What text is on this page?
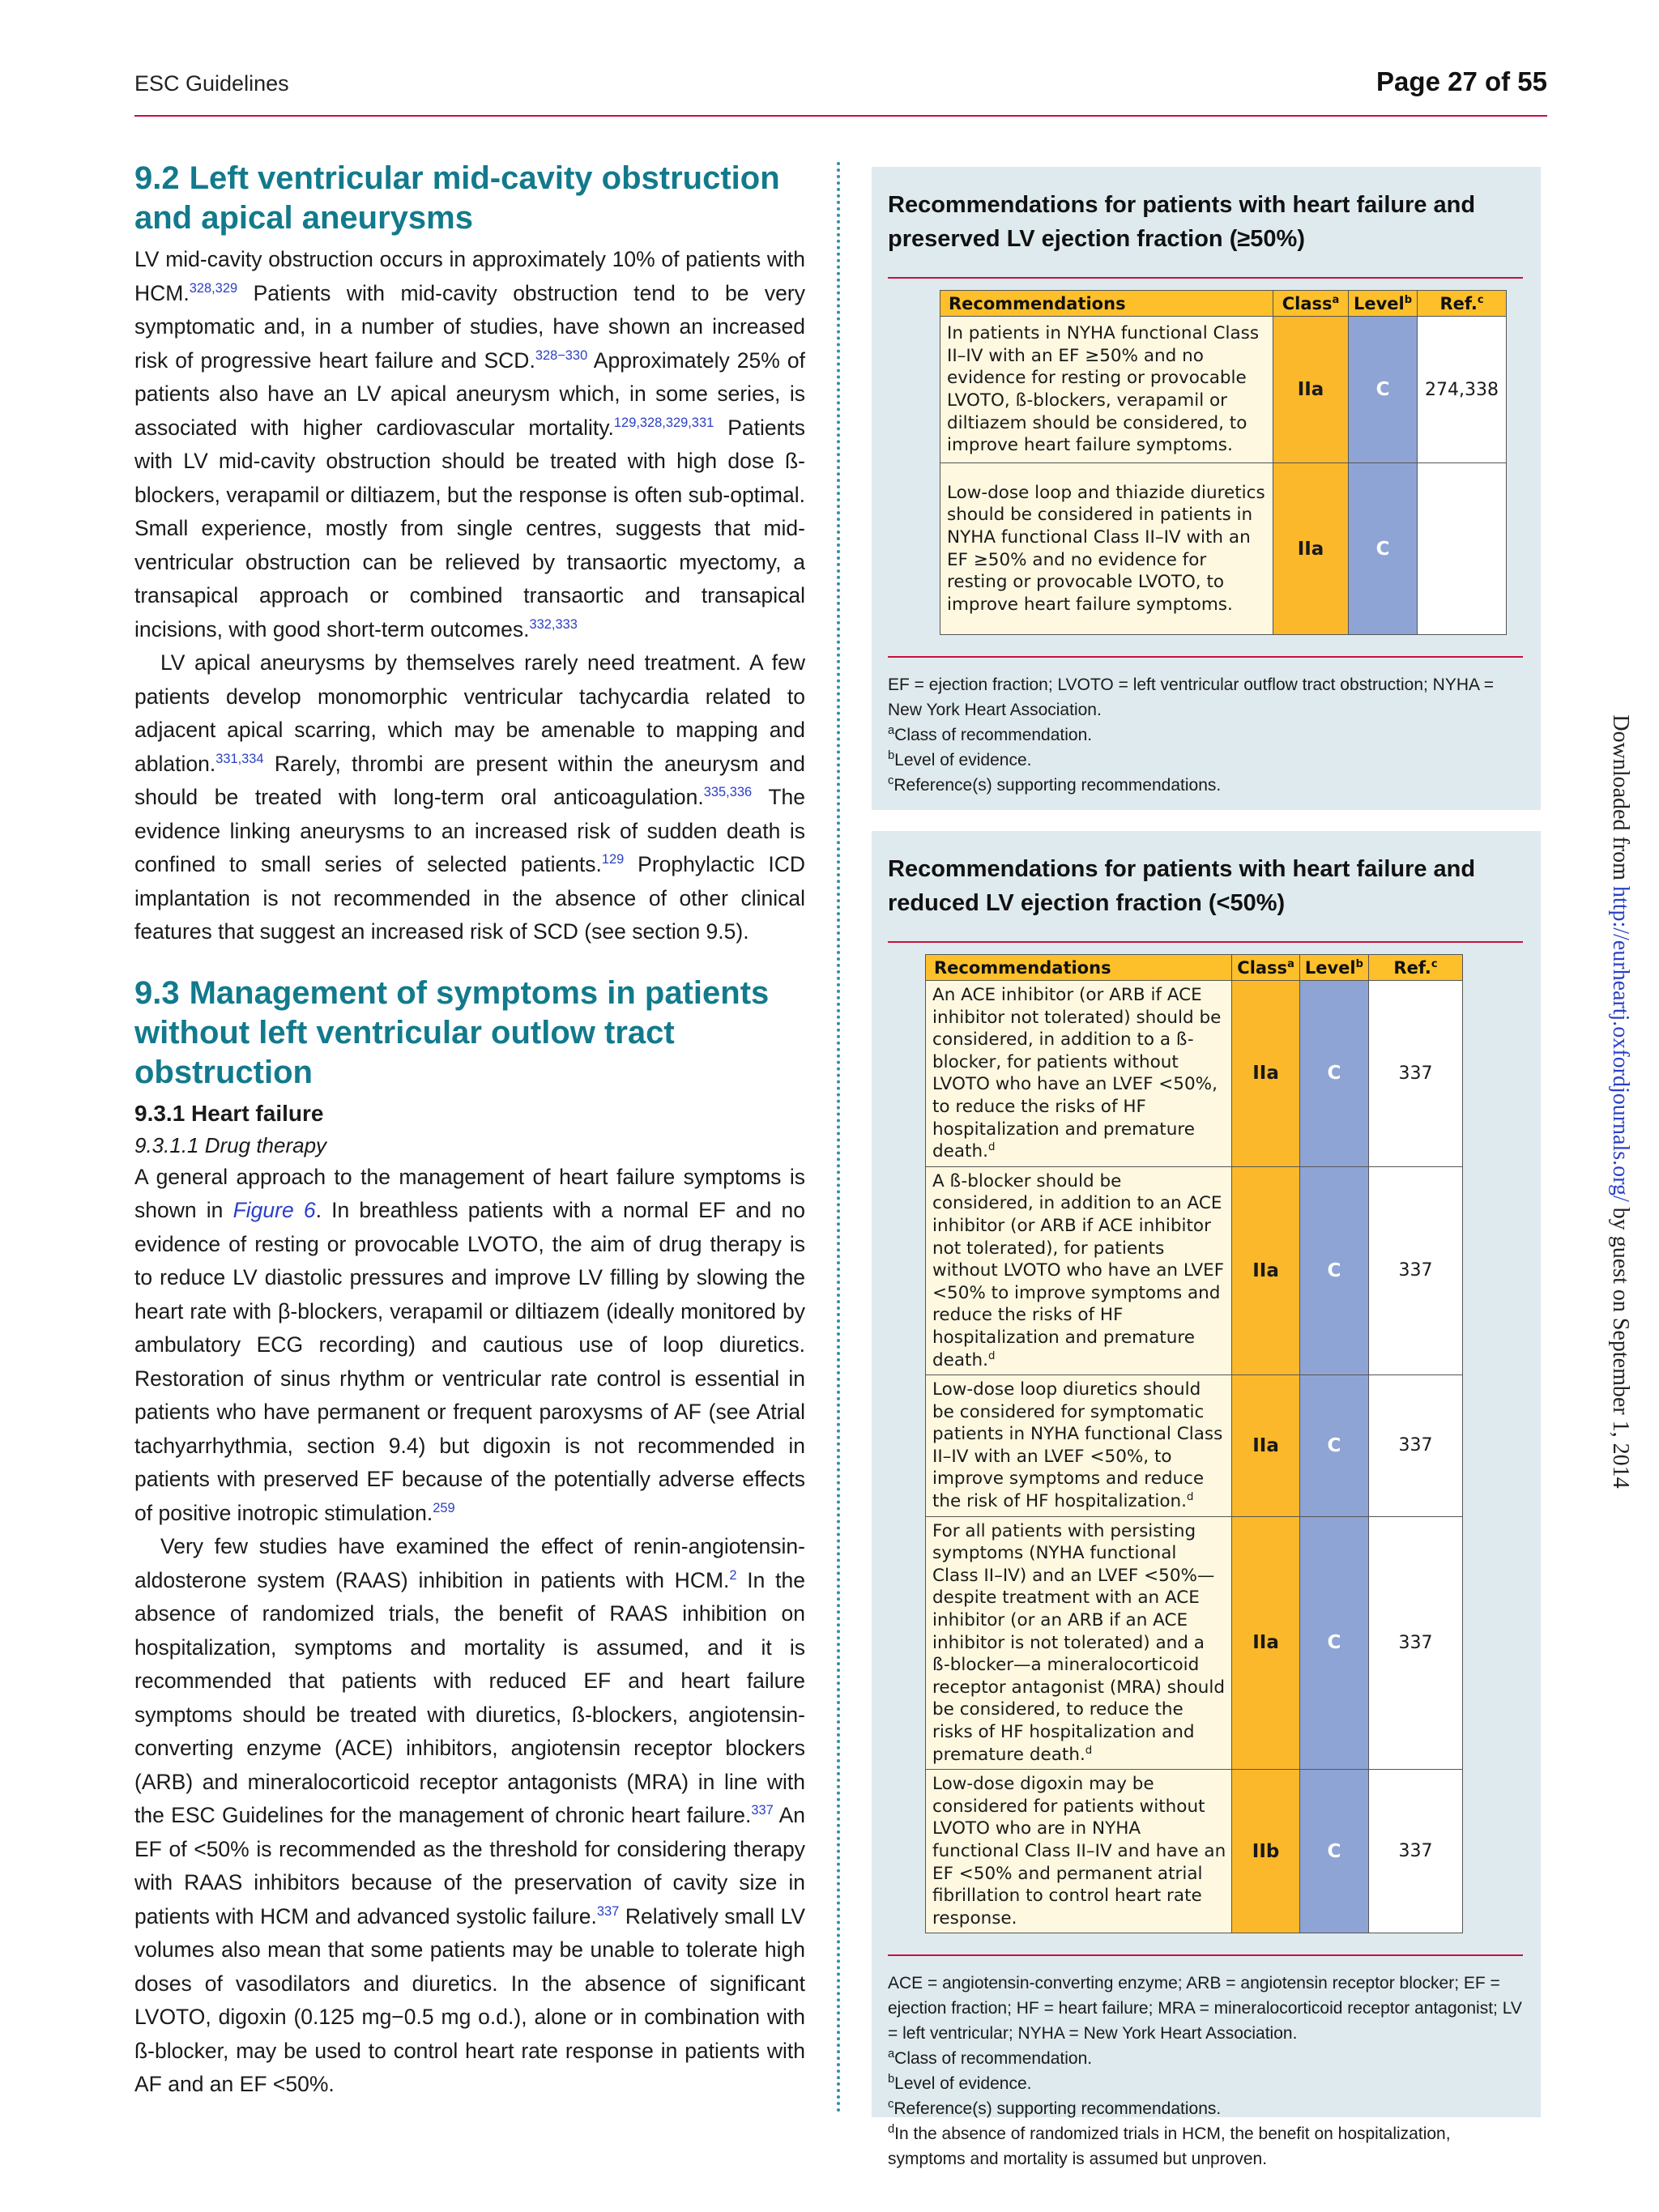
ESC Guidelines	Page 27 of 55
9.2 Left ventricular mid-cavity obstruction and apical aneurysms

LV mid-cavity obstruction occurs in approximately 10% of patients with HCM.$^{328,329}$ Patients with mid-cavity obstruction tend to be very symptomatic and, in a number of studies, have shown an increased risk of progressive heart failure and SCD.$^{328-330}$ Approximately 25% of patients also have an LV apical aneurysm which, in some series, is associated with higher cardiovascular mortality.$^{129,328,329,331}$ Patients with LV mid-cavity obstruction should be treated with high dose ß-blockers, verapamil or diltiazem, but the response is often sub-optimal. Small experience, mostly from single centres, suggests that mid-ventricular obstruction can be relieved by transaortic myectomy, a transapical approach or combined transaortic and transapical incisions, with good short-term outcomes.$^{332,333}$

LV apical aneurysms by themselves rarely need treatment. A few patients develop monomorphic ventricular tachycardia related to adjacent apical scarring, which may be amenable to mapping and ablation.$^{331,334}$ Rarely, thrombi are present within the aneurysm and should be treated with long-term oral anticoagulation.$^{335,336}$ The evidence linking aneurysms to an increased risk of sudden death is confined to small series of selected patients.$^{129}$ Prophylactic ICD implantation is not recommended in the absence of other clinical features that suggest an increased risk of SCD (see section 9.5).

9.3 Management of symptoms in patients without left ventricular outlow tract obstruction
9.3.1 Heart failure
9.3.1.1 Drug therapy

A general approach to the management of heart failure symptoms is shown in Figure 6. In breathless patients with a normal EF and no evidence of resting or provocable LVOTO, the aim of drug therapy is to reduce LV diastolic pressures and improve LV filling by slowing the heart rate with β-blockers, verapamil or diltiazem (ideally monitored by ambulatory ECG recording) and cautious use of loop diuretics. Restoration of sinus rhythm or ventricular rate control is essential in patients who have permanent or frequent paroxysms of AF (see Atrial tachyarrhythmia, section 9.4) but digoxin is not recommended in patients with preserved EF because of the potentially adverse effects of positive inotropic stimulation.$^{259}$

Very few studies have examined the effect of renin-angiotensin-aldosterone system (RAAS) inhibition in patients with HCM.$^2$ In the absence of randomized trials, the benefit of RAAS inhibition on hospitalization, symptoms and mortality is assumed, and it is recommended that patients with reduced EF and heart failure symptoms should be treated with diuretics, ß-blockers, angiotensin-converting enzyme (ACE) inhibitors, angiotensin receptor blockers (ARB) and mineralocorticoid receptor antagonists (MRA) in line with the ESC Guidelines for the management of chronic heart failure.$^{337}$ An EF of <50% is recommended as the threshold for considering therapy with RAAS inhibitors because of the preservation of cavity size in patients with HCM and advanced systolic failure.$^{337}$ Relatively small LV volumes also mean that some patients may be unable to tolerate high doses of vasodilators and diuretics. In the absence of significant LVOTO, digoxin (0.125 mg−0.5 mg o.d.), alone or in combination with ß-blocker, may be used to control heart rate response in patients with AF and an EF <50%.

Recommendations for patients with heart failure and preserved LV ejection fraction (≥50%)
Recommendations	Class$^a$	Level$^b$	Ref.$^c$
In patients in NYHA functional Class II–IV with an EF ≥50% and no evidence for resting or provocable LVOTO, ß-blockers, verapamil or diltiazem should be considered, to improve heart failure symptoms.	IIa	C	274,338
Low-dose loop and thiazide diuretics should be considered in patients in NYHA functional Class II–IV with an EF ≥50% and no evidence for resting or provocable LVOTO, to improve heart failure symptoms.	IIa	C	
EF = ejection fraction; LVOTO = left ventricular outflow tract obstruction; NYHA = New York Heart Association.
$^a$Class of recommendation.
$^b$Level of evidence.
$^c$Reference(s) supporting recommendations.
Recommendations for patients with heart failure and reduced LV ejection fraction (<50%)
Recommendations	Class$^a$	Level$^b$	Ref.$^c$
An ACE inhibitor (or ARB if ACE inhibitor not tolerated) should be considered, in addition to a ß-blocker, for patients without LVOTO who have an LVEF <50%, to reduce the risks of HF hospitalization and premature death.$^d$	IIa	C	337
A ß-blocker should be considered, in addition to an ACE inhibitor (or ARB if ACE inhibitor not tolerated), for patients without LVOTO who have an LVEF <50% to improve symptoms and reduce the risks of HF hospitalization and premature death.$^d$	IIa	C	337
Low-dose loop diuretics should be considered for symptomatic patients in NYHA functional Class II–IV with an LVEF <50%, to improve symptoms and reduce the risk of HF hospitalization.$^d$	IIa	C	337
For all patients with persisting symptoms (NYHA functional Class II–IV) and an LVEF <50%—despite treatment with an ACE inhibitor (or an ARB if an ACE inhibitor is not tolerated) and a ß-blocker—a mineralocorticoid receptor antagonist (MRA) should be considered, to reduce the risks of HF hospitalization and premature death.$^d$	IIa	C	337
Low-dose digoxin may be considered for patients without LVOTO who are in NYHA functional Class II–IV and have an EF <50% and permanent atrial fibrillation to control heart rate response.	IIb	C	337
ACE = angiotensin-converting enzyme; ARB = angiotensin receptor blocker; EF = ejection fraction; HF = heart failure; MRA = mineralocorticoid receptor antagonist; LV = left ventricular; NYHA = New York Heart Association.
$^a$Class of recommendation.
$^b$Level of evidence.
$^c$Reference(s) supporting recommendations.
$^d$In the absence of randomized trials in HCM, the benefit on hospitalization, symptoms and mortality is assumed but unproven.
Downloaded from http://eurheartj.oxfordjournals.org/ by guest on September 1, 2014
